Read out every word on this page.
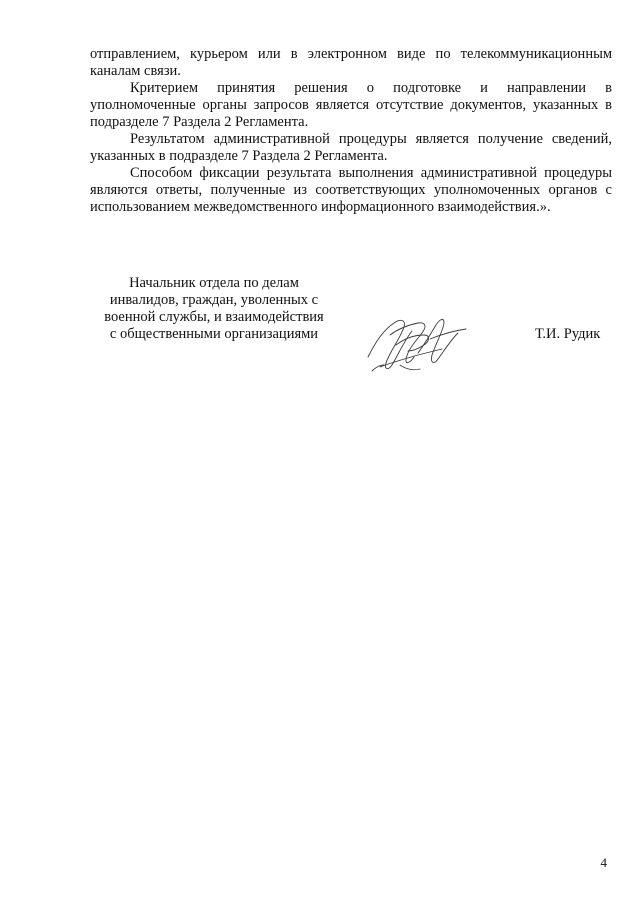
отправлением, курьером или в электронном виде по телекоммуникационным каналам связи.

Критерием принятия решения о подготовке и направлении в уполномоченные органы запросов является отсутствие документов, указанных в подразделе 7 Раздела 2 Регламента.

Результатом административной процедуры является получение сведений, указанных в подразделе 7 Раздела 2 Регламента.

Способом фиксации результата выполнения административной процедуры являются ответы, полученные из соответствующих уполномоченных органов с использованием межведомственного информационного взаимодействия.».

Начальник отдела по делам
инвалидов, граждан, уволенных с
военной службы, и взаимодействия
с общественными организациями	Т.И. Рудик
4
